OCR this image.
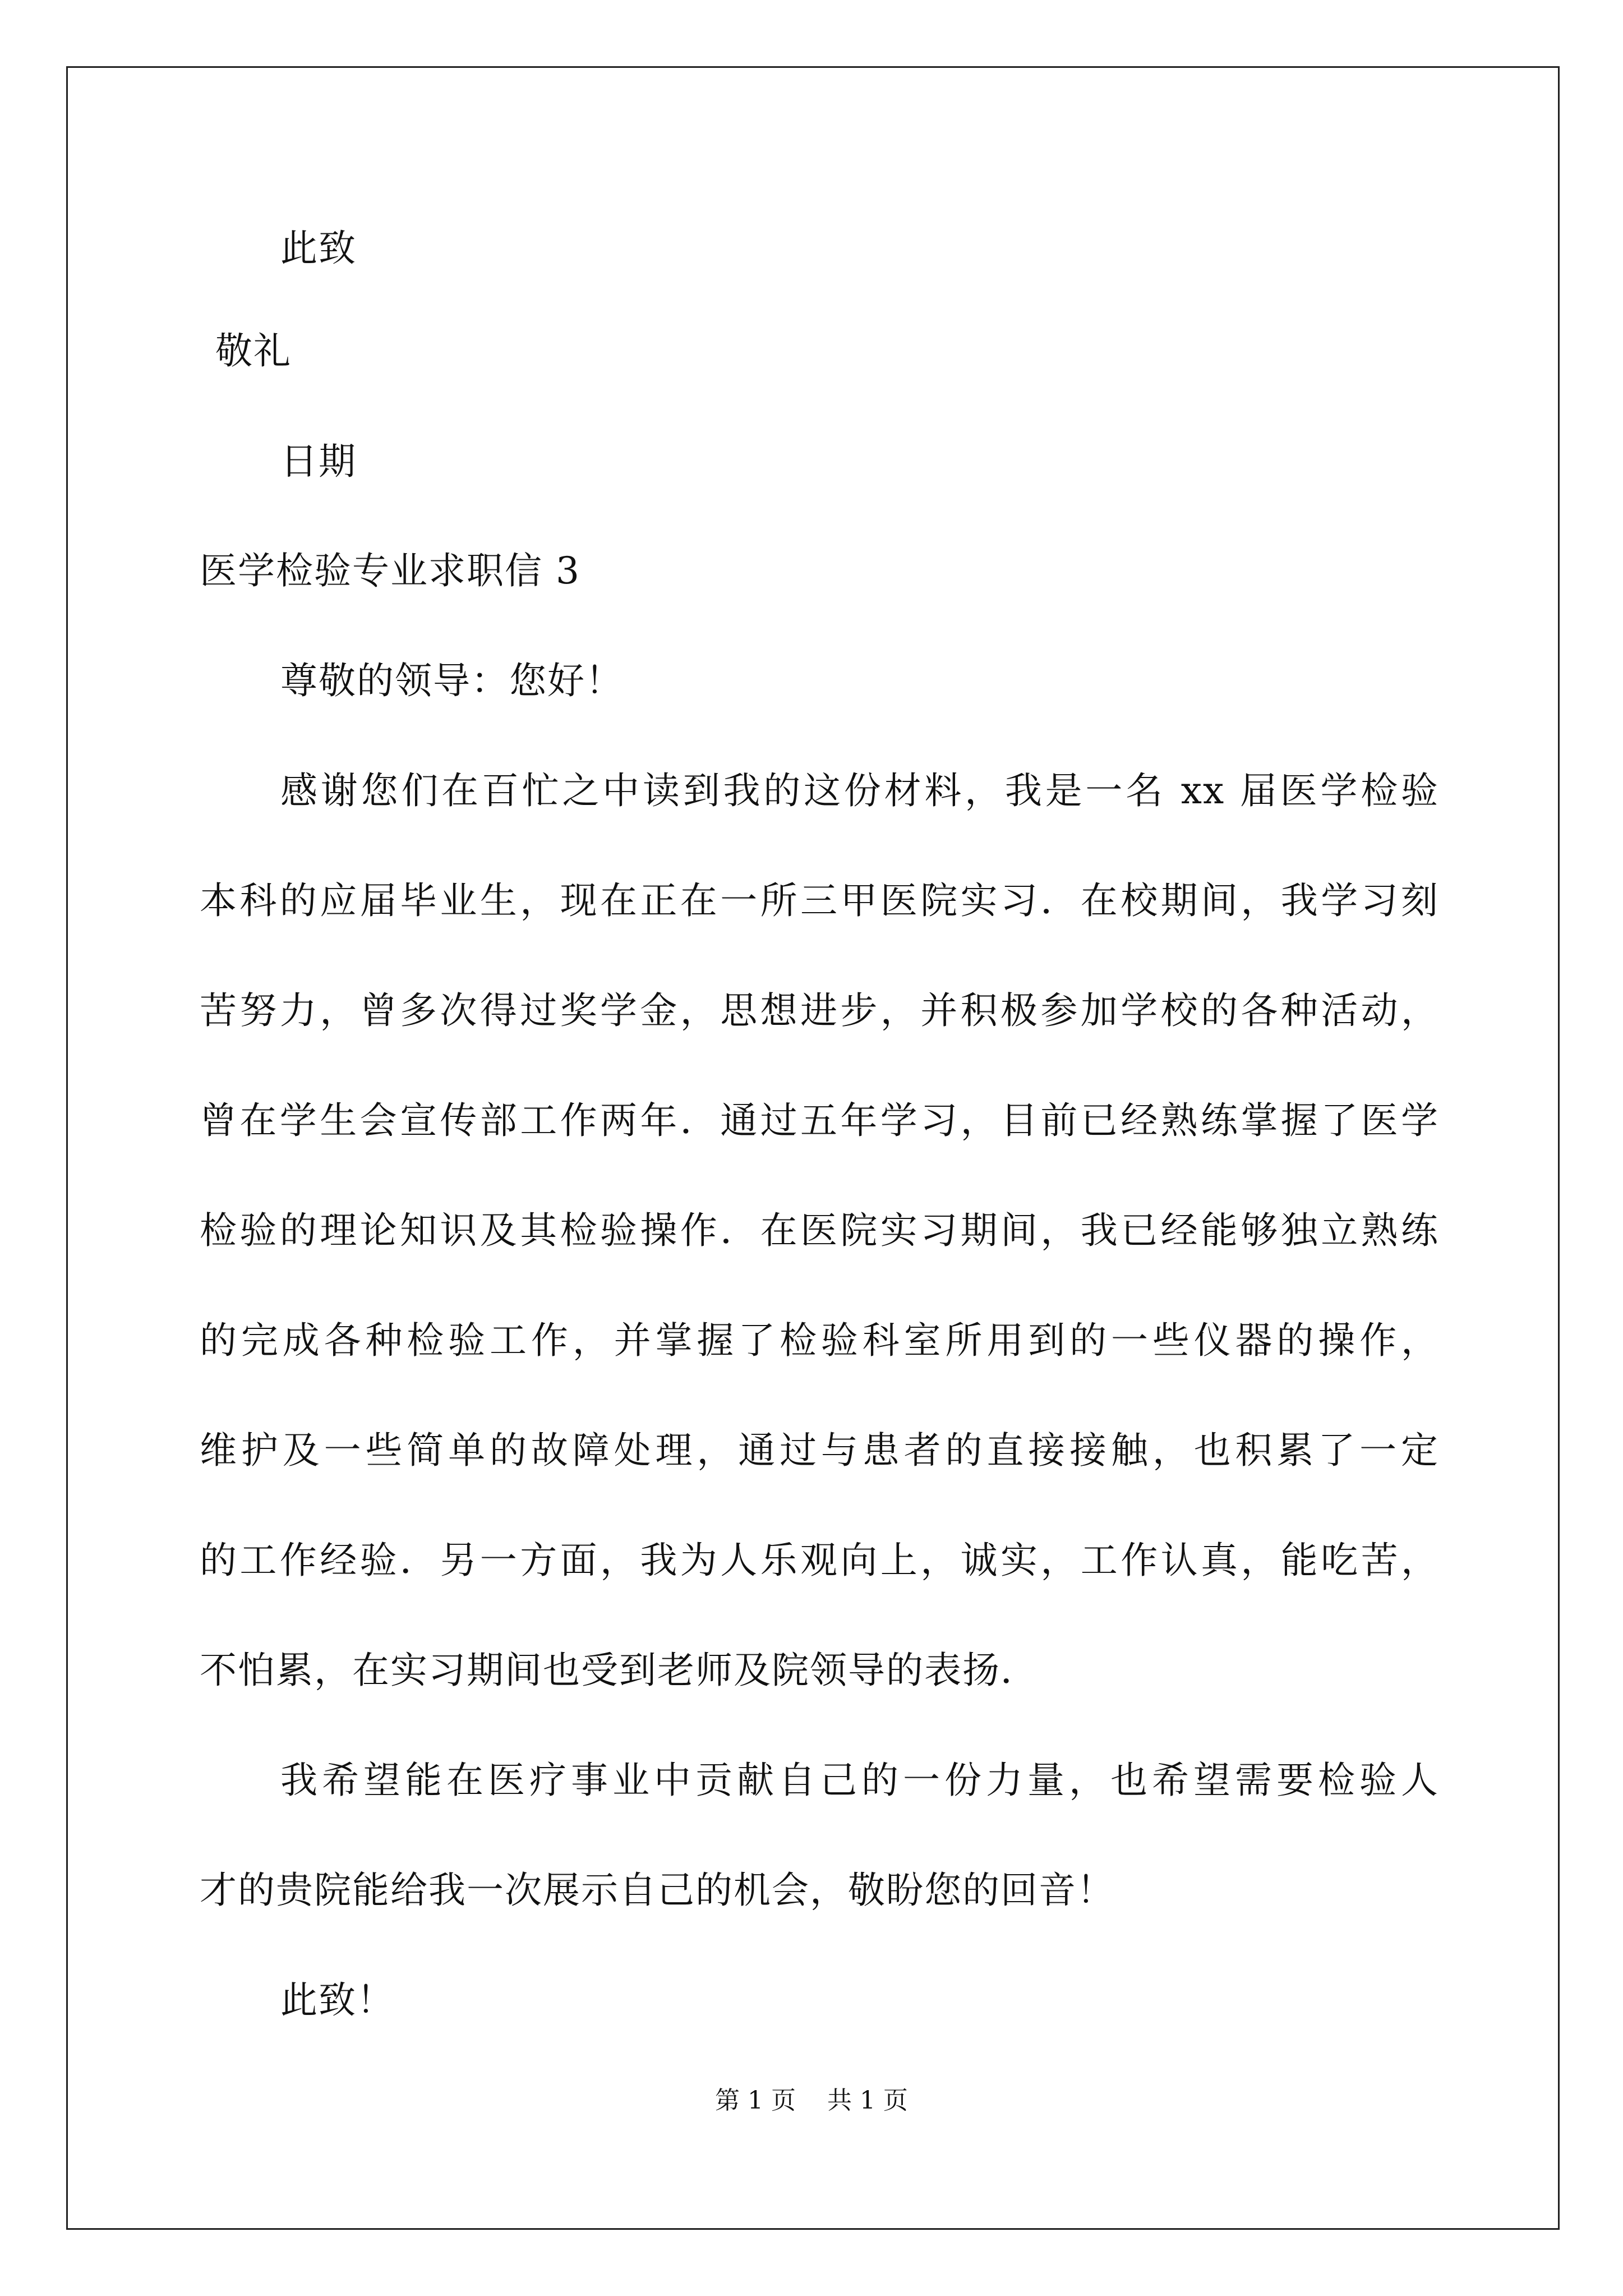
此致
敬礼
日期
医学检验专业求职信 3
尊敬的领导：您好！
感谢您们在百忙之中读到我的这份材料，我是一名 xx 届医学检验
本科的应届毕业生，现在正在一所三甲医院实习．在校期间，我学习刻
苦努力，曾多次得过奖学金，思想进步，并积极参加学校的各种活动，
曾在学生会宣传部工作两年．通过五年学习，目前已经熟练掌握了医学
检验的理论知识及其检验操作．在医院实习期间，我已经能够独立熟练
的完成各种检验工作，并掌握了检验科室所用到的一些仪器的操作，
维护及一些简单的故障处理，通过与患者的直接接触，也积累了一定
的工作经验．另一方面，我为人乐观向上，诚实，工作认真，能吃苦，
不怕累，在实习期间也受到老师及院领导的表扬．
我希望能在医疗事业中贡献自己的一份力量，也希望需要检验人
才的贵院能给我一次展示自己的机会，敬盼您的回音！
此致！
第 1 页 共 1 页
